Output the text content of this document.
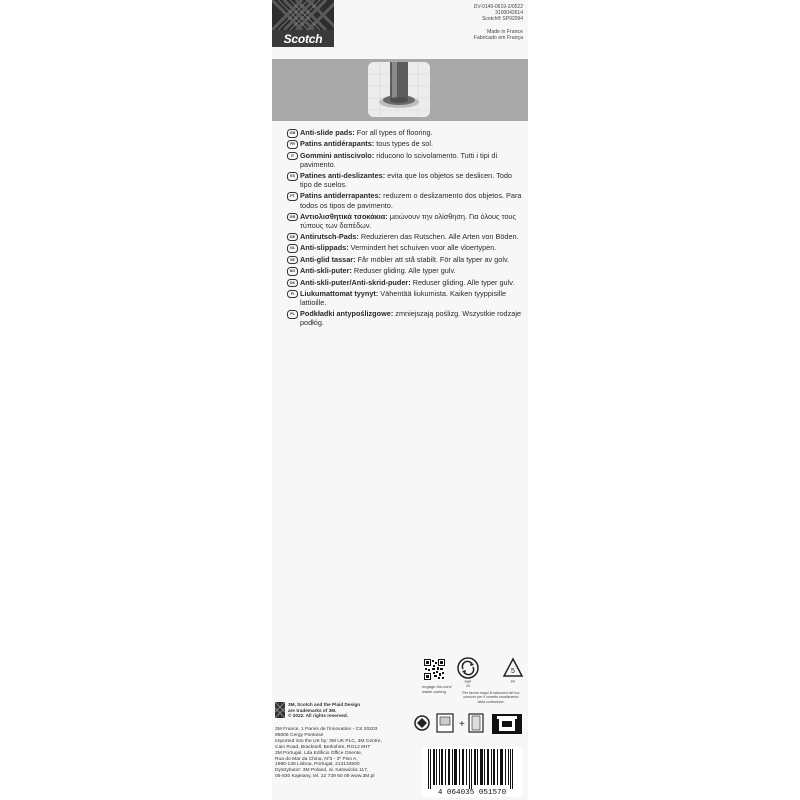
Scotch
DV-0140-0619-2/0522
3100042614
Scotch® SP92094
Made in France
Fabricado em França
GB Anti-slide pads: For all types of flooring.
FR Patins antidérapants: tous types de sol.
IT Gommini antiscivolo: riducono lo scivolamento. Tutti i tipi di pavimento.
ES Patines anti-deslizantes: evita que los objetos se deslicen. Todo tipo de suelos.
PT Patins antiderrapantes: reduzem o deslizamento dos objetos. Para todos os tipos de pavimento.
GR Αντιολισθητικά τσοκάκια: μειώνουν την ολίσθηση. Για όλους τους τύπους των δαπέδων.
DE Antirutsch-Pads: Reduzieren das Rutschen. Alle Arten von Böden.
NL Anti-slippads: Vermindert het schuiven voor alle vloertypen.
SE Anti-glid tassar: Får möbler att stå stabilt. För alla typer av golv.
NO Anti-skli-puter: Reduser gliding. Alle typer gulv.
DK Anti-skli-puter/Anti-skrid-puder: Reduser gliding. Alle typer gulv.
FI Liukumattomat tyynyt: Vähentää liukumista. Kaiken tyyppisille lattioille.
PL Podkładki antypoślizgowe: zmniejszają poślizg. Wszystkie rodzaje podłóg.
engage.3m.com/
waste-sorting
PAP
20
5
PP
Per favore segui le istruzioni del tuo comune per il corretto smaltimento della confezione.
3M, Scotch and the Plaid Design
are trademarks of 3M.
© 2022. All rights reserved.
+
3M France, 1 Parvis de l'innovation - CS 20203
95006 Cergy Pontoise
Imported into the UK by: 3M UK PLC, 3M Centre,
Cain Road, Bracknell, Berkshire, RG12 8HT
3M Portugal, Lda Edificio Office Oriente,
Rua do Mar da China, Nº3 - 3º Piso A,
1990-138 Lisboa, Portugal, 213134500
Dystrybutor: 3M Poland, al. Katowicka 117,
05-830 Kajetany, tel. 22 739 60 09 www.3M.pl
4 064035 051570
